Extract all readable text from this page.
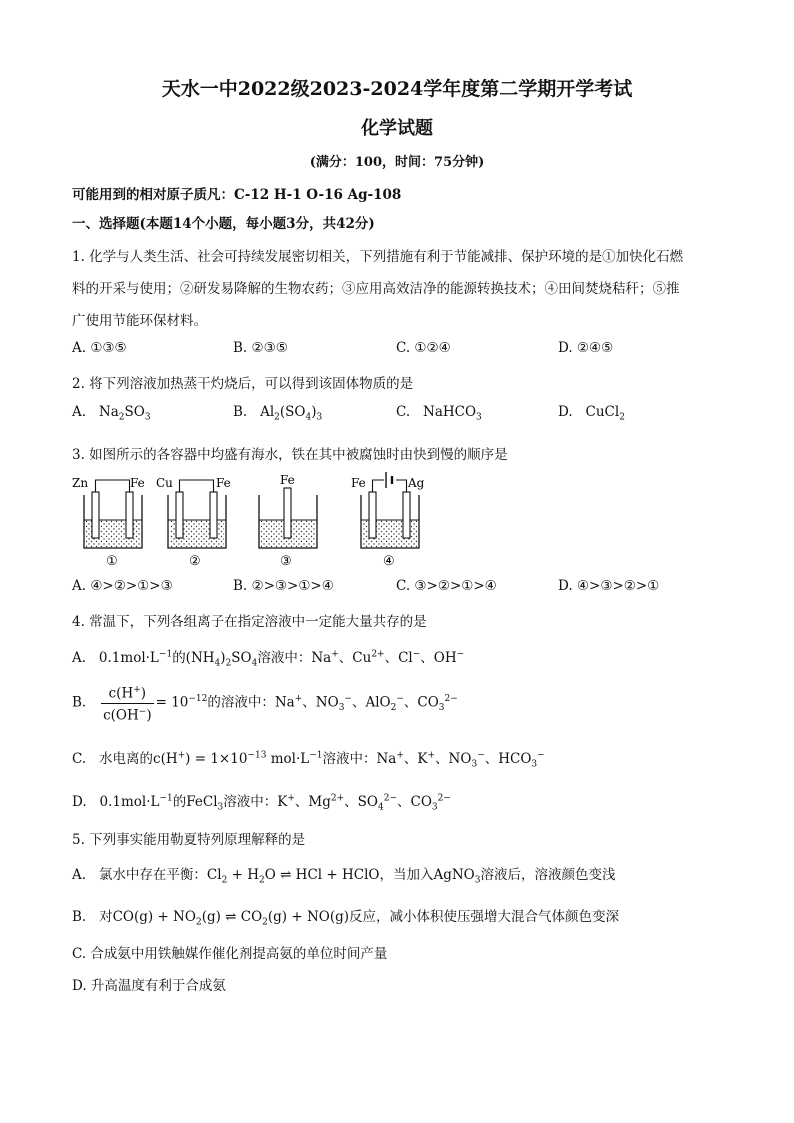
天水一中2022级2023-2024学年度第二学期开学考试
化学试题
(满分：100，时间：75分钟)
可能用到的相对原子质凡：C-12 H-1 O-16 Ag-108
一、选择题(本题14个小题，每小题3分，共42分)
1. 化学与人类生活、社会可持续发展密切相关，下列措施有利于节能减排、保护环境的是①加快化石燃
料的开采与使用；②研发易降解的生物农药；③应用高效洁净的能源转换技术；④田间焚烧秸秆；⑤推
广使用节能环保材料。
A. ①③⑤	B. ②③⑤	C. ①②④	D. ②④⑤
2. 将下列溶液加热蒸干灼烧后，可以得到该固体物质的是
A. $Na_2SO_3$	B. $Al_2(SO_4)_3$	C. NaHCO$_3$	D. CuCl$_2$
3. 如图所示的各容器中均盛有海水，铁在其中被腐蚀时由快到慢的顺序是
Zn	Fe
①
Cu	Fe
②
Fe
③
Fe	Ag
④
A. ④>②>①>③	B. ②>③>①>④	C. ③>②>①>④	D. ④>③>②>①
4. 常温下，下列各组离子在指定溶液中一定能大量共存的是
A. $0.1mol\cdot L^{-1}$的$(NH_4)_2SO_4$溶液中：Na+、$Cu^{2+}$、Cl−、OH−
B. $\frac{c(H^+)}{c(OH^-)} = 10^{-12}$的溶液中：Na+、$NO_3^-$、AlO$_2$−、$CO_3^{2-}$
C. 水电离的$c(H^+) = 1\times 10^{-13}$ $mol\cdot L^{-1}$溶液中：Na+、K+、$NO_3^-$、$HCO_3^-$
D. $0.1mol\cdot L^{-1}$的FeCl$_3$溶液中：K+、$Mg^{2+}$、$SO_4^{2-}$、$CO_3^{2-}$
5. 下列事实能用勒夏特列原理解释的是
A. 氯水中存在平衡：$Cl_2 + H_2O$ ⇌ HCl + HClO，当加入AgNO$_3$溶液后，溶液颜色变浅
B. 对$CO(g) + NO_2(g)$ ⇌ $CO_2(g) + NO(g)$反应，减小体积使压强增大混合气体颜色变深
C. 合成氨中用铁触媒作催化剂提高氨的单位时间产量
D. 升高温度有利于合成氨
